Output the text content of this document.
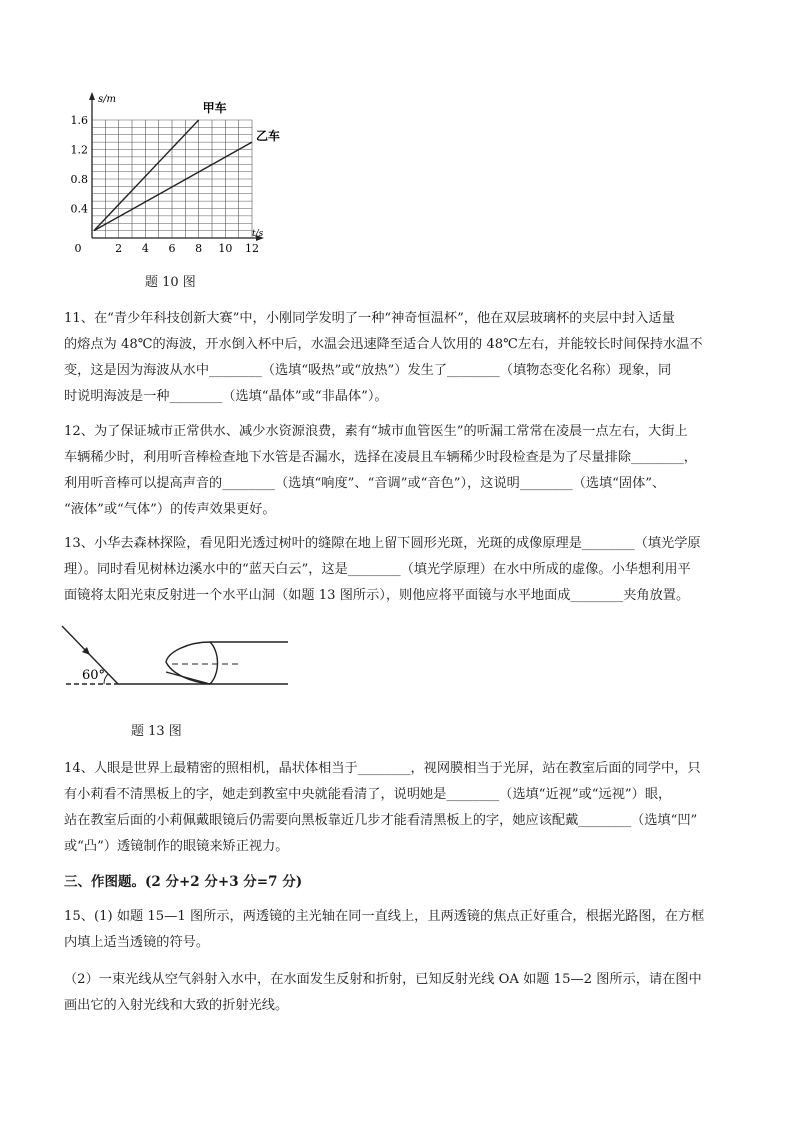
s/m
t/s
0	2 4 6 8 10 12
0.4
0.8
1.2
1.6
甲车
乙车
题 10 图

11、在“青少年科技创新大赛”中，小刚同学发明了一种“神奇恒温杯”，他在双层玻璃杯的夹层中封入适量

的熔点为 48℃的海波，开水倒入杯中后，水温会迅速降至适合人饮用的 48℃左右，并能较长时间保持水温不

变，这是因为海波从水中________（选填“吸热”或“放热”）发生了________（填物态变化名称）现象，同

时说明海波是一种________（选填“晶体”或“非晶体”）。

12、为了保证城市正常供水、减少水资源浪费，素有“城市血管医生”的听漏工常常在凌晨一点左右，大街上

车辆稀少时，利用听音棒检查地下水管是否漏水，选择在凌晨且车辆稀少时段检查是为了尽量排除________，

利用听音棒可以提高声音的________（选填“响度”、“音调”或“音色”），这说明________（选填“固体”、

“液体”或“气体”）的传声效果更好。

13、小华去森林探险，看见阳光透过树叶的缝隙在地上留下圆形光斑，光斑的成像原理是________（填光学原

理）。同时看见树林边溪水中的“蓝天白云”，这是________（填光学原理）在水中所成的虚像。小华想利用平

面镜将太阳光束反射进一个水平山洞（如题 13 图所示），则他应将平面镜与水平地面成________夹角放置。

60°
题 13 图

14、人眼是世界上最精密的照相机，晶状体相当于________，视网膜相当于光屏，站在教室后面的同学中，只

有小莉看不清黑板上的字，她走到教室中央就能看清了，说明她是________（选填“近视”或“远视”）眼，

站在教室后面的小莉佩戴眼镜后仍需要向黑板靠近几步才能看清黑板上的字，她应该配戴________（选填“凹”

或“凸”）透镜制作的眼镜来矫正视力。

三、作图题。(2 分+2 分+3 分=7 分)

15、(1) 如题 15—1 图所示，两透镜的主光轴在同一直线上，且两透镜的焦点正好重合，根据光路图，在方框

内填上适当透镜的符号。

（2）一束光线从空气斜射入水中，在水面发生反射和折射，已知反射光线 OA 如题 15—2 图所示，请在图中

画出它的入射光线和大致的折射光线。
